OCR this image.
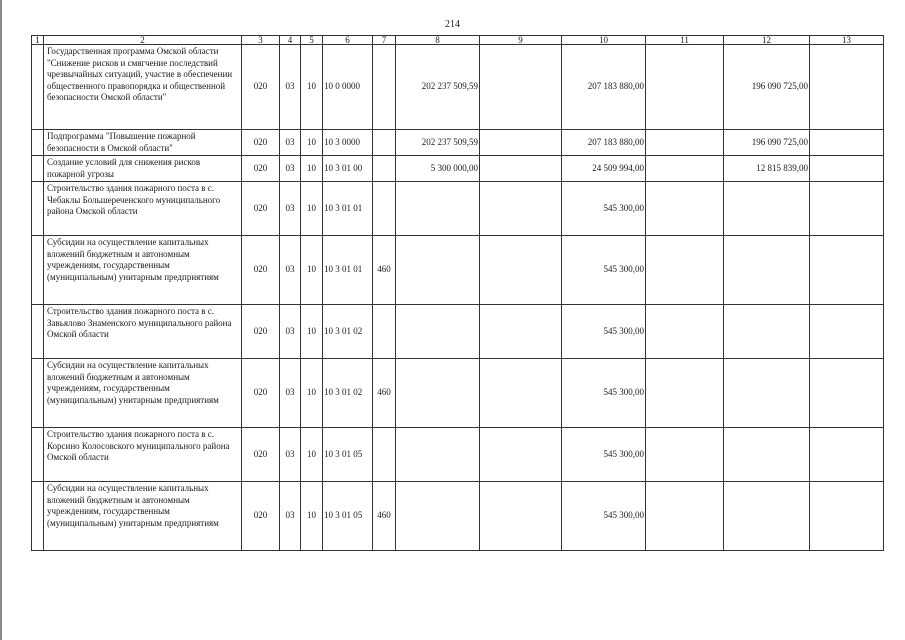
214
1	2	3	4	5	6	7	8	9	10	11	12	13
	Государственная программа Омской области "Снижение рисков и смягчение последствий чрезвычайных ситуаций, участие в обеспечении общественного правопорядка и общественной безопасности Омской области"	020	03	10	10 0 0000		202 237 509,59		207 183 880,00		196 090 725,00	
	Подпрограмма "Повышение пожарной безопасности в Омской области"	020	03	10	10 3 0000		202 237 509,59		207 183 880,00		196 090 725,00	
	Создание условий для снижения рисков пожарной угрозы	020	03	10	10 3 01 00		5 300 000,00		24 509 994,00		12 815 839,00	
	Строительство здания пожарного поста в с. Чебаклы Большереченского муниципального района Омской области	020	03	10	10 3 01 01				545 300,00			
	Субсидии на осуществление капитальных вложений бюджетным и автономным учреждениям, государственным (муниципальным) унитарным предприятиям	020	03	10	10 3 01 01	460			545 300,00			
	Строительство здания пожарного поста в с. Завьялово Знаменского муниципального района Омской области	020	03	10	10 3 01 02				545 300,00			
	Субсидии на осуществление капитальных вложений бюджетным и автономным учреждениям, государственным (муниципальным) унитарным предприятиям	020	03	10	10 3 01 02	460			545 300,00			
	Строительство здания пожарного поста в с. Корсино Колосовского муниципального района Омской области	020	03	10	10 3 01 05				545 300,00			
	Субсидии на осуществление капитальных вложений бюджетным и автономным учреждениям, государственным (муниципальным) унитарным предприятиям	020	03	10	10 3 01 05	460			545 300,00			
